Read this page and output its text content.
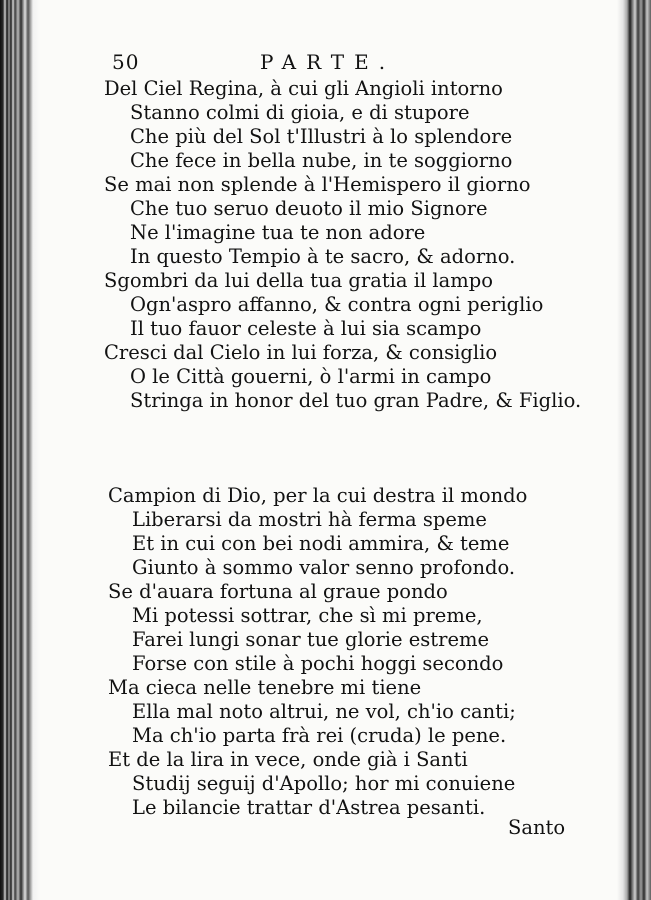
50	PARTE.
Del Ciel Regina, à cui gli Angioli intorno
Stanno colmi di gioia, e di stupore
Che più del Sol t'Illustri à lo splendore
Che fece in bella nube, in te soggiorno
Se mai non splende à l'Hemispero il giorno
Che tuo seruo deuoto il mio Signore
Ne l'imagine tua te non adore
In questo Tempio à te sacro, & adorno.
Sgombri da lui della tua gratia il lampo
Ogn'aspro affanno, & contra ogni periglio
Il tuo fauor celeste à lui sia scampo
Cresci dal Cielo in lui forza, & consiglio
O le Città gouerni, ò l'armi in campo
Stringa in honor del tuo gran Padre, & Figlio.
Campion di Dio, per la cui destra il mondo
Liberarsi da mostri hà ferma speme
Et in cui con bei nodi ammira, & teme
Giunto à sommo valor senno profondo.
Se d'auara fortuna al graue pondo
Mi potessi sottrar, che sì mi preme,
Farei lungi sonar tue glorie estreme
Forse con stile à pochi hoggi secondo
Ma cieca nelle tenebre mi tiene
Ella mal noto altrui, ne vol, ch'io canti;
Ma ch'io parta frà rei (cruda) le pene.
Et de la lira in vece, onde già i Santi
Studij seguij d'Apollo; hor mi conuiene
Le bilancie trattar d'Astrea pesanti.
Santo
